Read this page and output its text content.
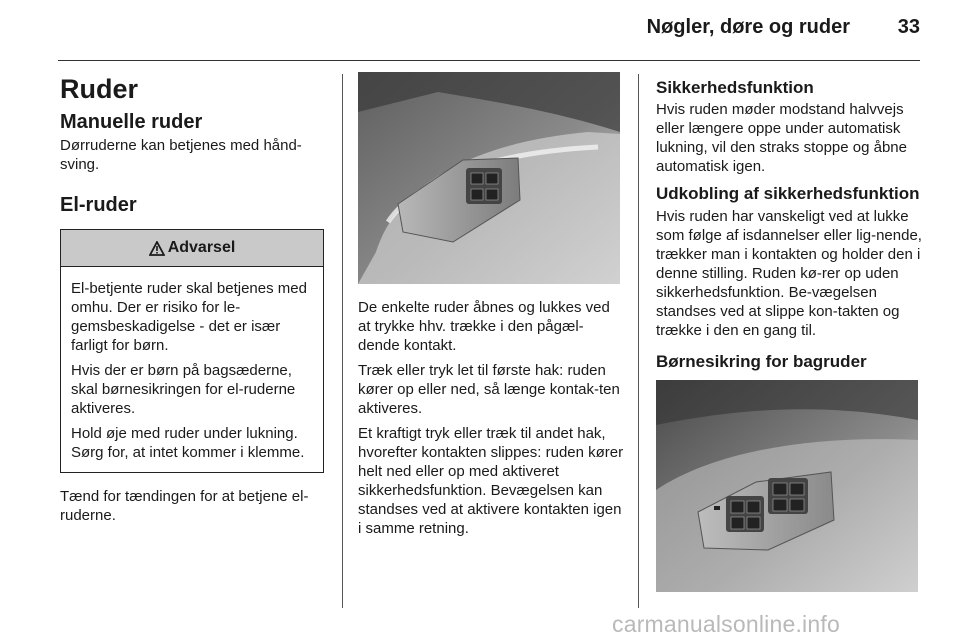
Nøgler, døre og ruder	33
Ruder
Manuelle ruder

Dørruderne kan betjenes med hånd-sving.

El-ruder
Advarsel

El-betjente ruder skal betjenes med omhu. Der er risiko for le-gemsbeskadigelse - det er især farligt for børn.

Hvis der er børn på bagsæderne, skal børnesikringen for el-ruderne aktiveres.

Hold øje med ruder under lukning. Sørg for, at intet kommer i klemme.

Tænd for tændingen for at betjene el-ruderne.

De enkelte ruder åbnes og lukkes ved at trykke hhv. trække i den pågæl-dende kontakt.

Træk eller tryk let til første hak: ruden kører op eller ned, så længe kontak-ten aktiveres.

Et kraftigt tryk eller træk til andet hak, hvorefter kontakten slippes: ruden kører helt ned eller op med aktiveret sikkerhedsfunktion. Bevægelsen kan standses ved at aktivere kontakten igen i samme retning.

Sikkerhedsfunktion

Hvis ruden møder modstand halvvejs eller længere oppe under automatisk lukning, vil den straks stoppe og åbne automatisk igen.

Udkobling af sikkerhedsfunktion

Hvis ruden har vanskeligt ved at lukke som følge af isdannelser eller lig-nende, trækker man i kontakten og holder den i denne stilling. Ruden kø-rer op uden sikkerhedsfunktion. Be-vægelsen standses ved at slippe kon-takten og trække i den en gang til.

Børnesikring for bagruder
carmanualsonline.info
